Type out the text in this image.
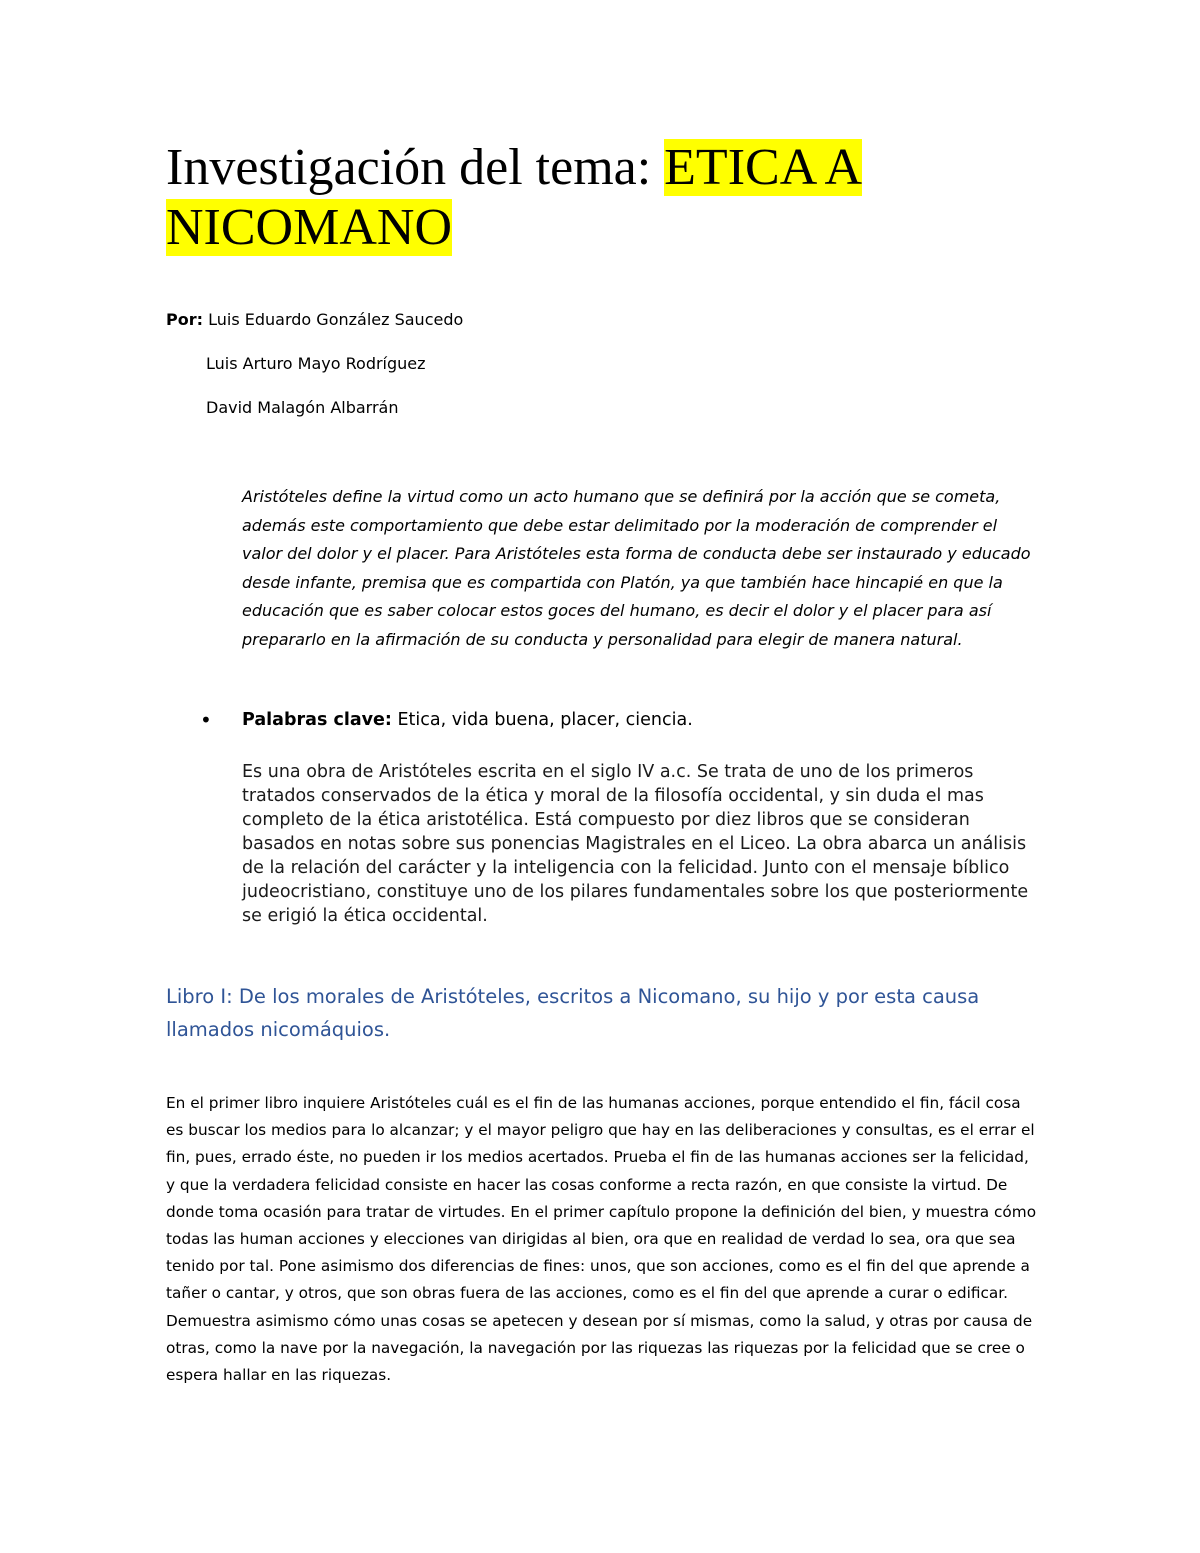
Investigación del tema: ETICA A NICOMANO
Por: Luis Eduardo González Saucedo
Luis Arturo Mayo Rodríguez
David Malagón Albarrán

Aristóteles define la virtud como un acto humano que se definirá por la acción que se cometa, además este comportamiento que debe estar delimitado por la moderación de comprender el valor del dolor y el placer. Para Aristóteles esta forma de conducta debe ser instaurado y educado desde infante, premisa que es compartida con Platón, ya que también hace hincapié en que la educación que es saber colocar estos goces del humano, es decir el dolor y el placer para así prepararlo en la afirmación de su conducta y personalidad para elegir de manera natural.

• Palabras clave: Etica, vida buena, placer, ciencia.

Es una obra de Aristóteles escrita en el siglo IV a.c. Se trata de uno de los primeros tratados conservados de la ética y moral de la filosofía occidental, y sin duda el mas completo de la ética aristotélica. Está compuesto por diez libros que se consideran basados en notas sobre sus ponencias Magistrales en el Liceo. La obra abarca un análisis de la relación del carácter y la inteligencia con la felicidad. Junto con el mensaje bíblico judeocristiano, constituye uno de los pilares fundamentales sobre los que posteriormente se erigió la ética occidental.

Libro I: De los morales de Aristóteles, escritos a Nicomano, su hijo y por esta causa llamados nicomáquios.

En el primer libro inquiere Aristóteles cuál es el fin de las humanas acciones, porque entendido el fin, fácil cosa es buscar los medios para lo alcanzar; y el mayor peligro que hay en las deliberaciones y consultas, es el errar el fin, pues, errado éste, no pueden ir los medios acertados. Prueba el fin de las humanas acciones ser la felicidad, y que la verdadera felicidad consiste en hacer las cosas conforme a recta razón, en que consiste la virtud. De donde toma ocasión para tratar de virtudes. En el primer capítulo propone la definición del bien, y muestra cómo todas las human acciones y elecciones van dirigidas al bien, ora que en realidad de verdad lo sea, ora que sea tenido por tal. Pone asimismo dos diferencias de fines: unos, que son acciones, como es el fin del que aprende a tañer o cantar, y otros, que son obras fuera de las acciones, como es el fin del que aprende a curar o edificar. Demuestra asimismo cómo unas cosas se apetecen y desean por sí mismas, como la salud, y otras por causa de otras, como la nave por la navegación, la navegación por las riquezas las riquezas por la felicidad que se cree o espera hallar en las riquezas.
